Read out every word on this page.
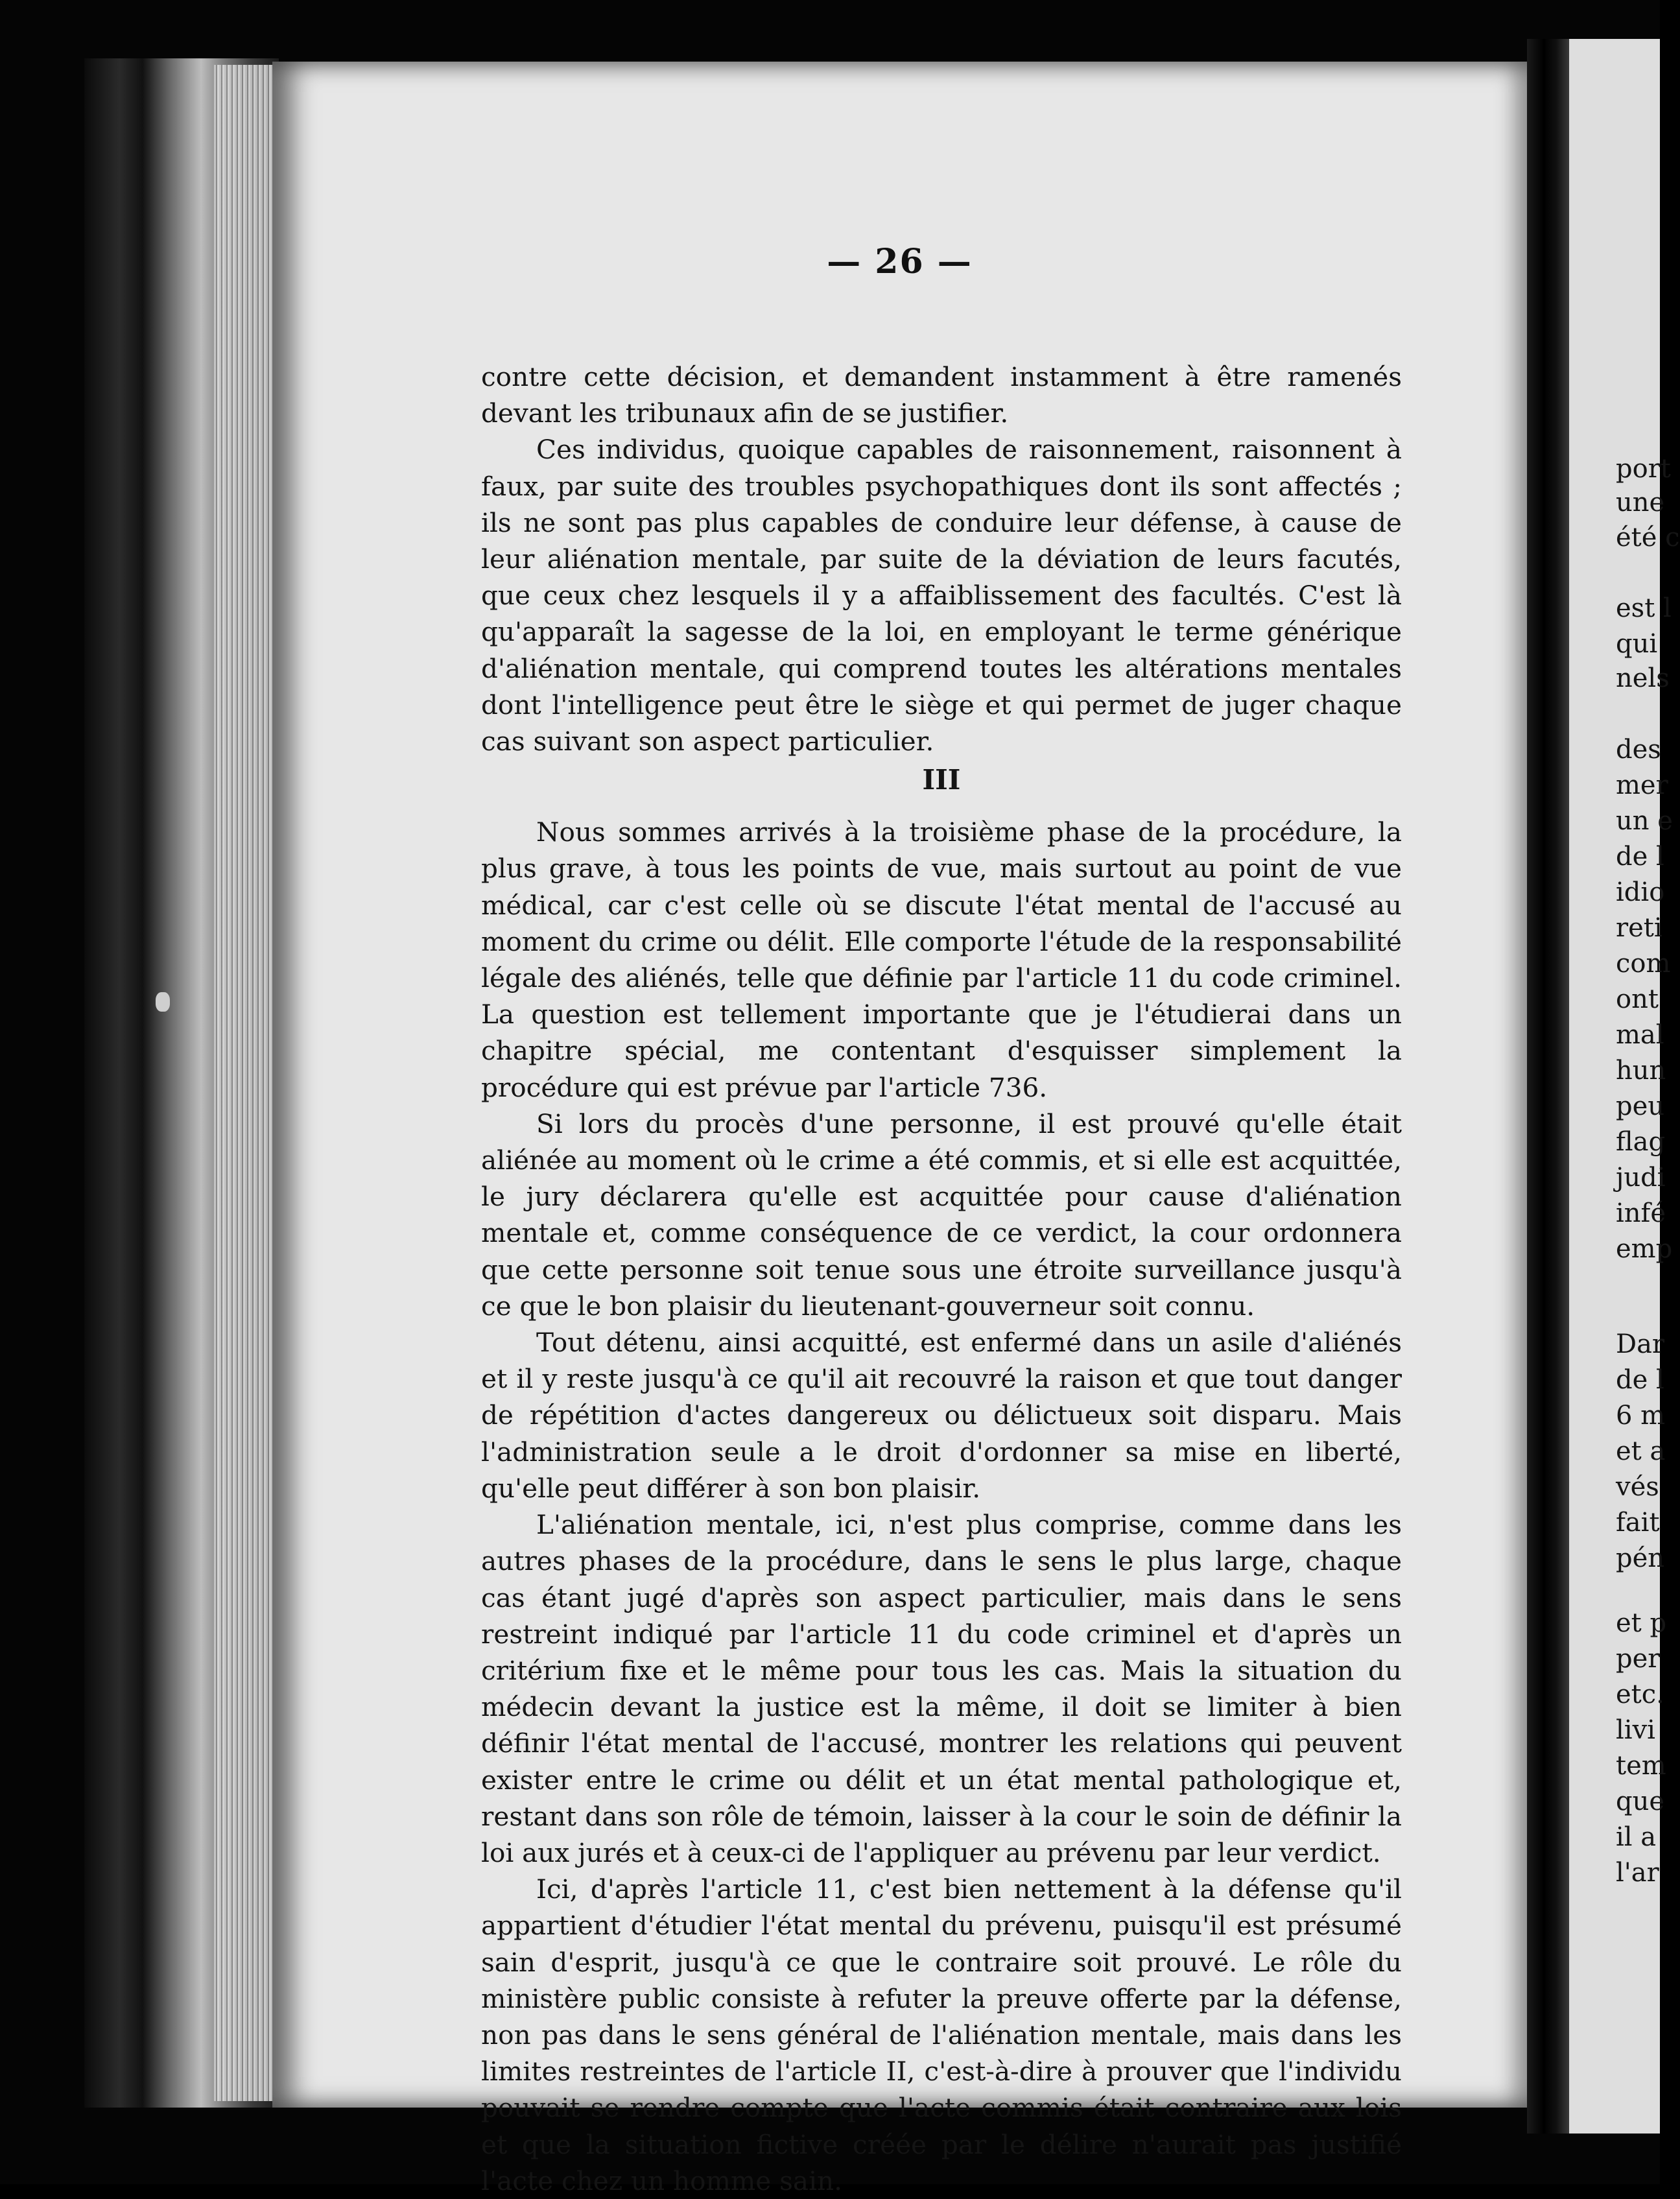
— 26 —

contre cette décision, et demandent instamment à être ramenés devant les tribunaux afin de se justifier.

Ces individus, quoique capables de raisonnement, raisonnent à faux, par suite des troubles psychopathiques dont ils sont affectés ; ils ne sont pas plus capables de conduire leur défense, à cause de leur aliénation mentale, par suite de la déviation de leurs facutés, que ceux chez lesquels il y a affaiblissement des facultés. C'est là qu'apparaît la sagesse de la loi, en employant le terme générique d'aliénation mentale, qui comprend toutes les altérations mentales dont l'intelligence peut être le siège et qui permet de juger chaque cas suivant son aspect particulier.

III

Nous sommes arrivés à la troisième phase de la procédure, la plus grave, à tous les points de vue, mais surtout au point de vue médical, car c'est celle où se discute l'état mental de l'accusé au moment du crime ou délit. Elle comporte l'étude de la responsabilité légale des aliénés, telle que définie par l'article 11 du code criminel. La question est tellement importante que je l'étudierai dans un chapitre spécial, me contentant d'esquisser simplement la procédure qui est prévue par l'article 736.

Si lors du procès d'une personne, il est prouvé qu'elle était aliénée au moment où le crime a été commis, et si elle est acquittée, le jury déclarera qu'elle est acquittée pour cause d'aliénation mentale et, comme conséquence de ce verdict, la cour ordonnera que cette personne soit tenue sous une étroite surveillance jusqu'à ce que le bon plaisir du lieutenant-gouverneur soit connu.

Tout détenu, ainsi acquitté, est enfermé dans un asile d'aliénés et il y reste jusqu'à ce qu'il ait recouvré la raison et que tout danger de répétition d'actes dangereux ou délictueux soit disparu. Mais l'administration seule a le droit d'ordonner sa mise en liberté, qu'elle peut différer à son bon plaisir.

L'aliénation mentale, ici, n'est plus comprise, comme dans les autres phases de la procédure, dans le sens le plus large, chaque cas étant jugé d'après son aspect particulier, mais dans le sens restreint indiqué par l'article 11 du code criminel et d'après un critérium fixe et le même pour tous les cas. Mais la situation du médecin devant la justice est la même, il doit se limiter à bien définir l'état mental de l'accusé, montrer les relations qui peuvent exister entre le crime ou délit et un état mental pathologique et, restant dans son rôle de témoin, laisser à la cour le soin de définir la loi aux jurés et à ceux-ci de l'appliquer au prévenu par leur verdict.

Ici, d'après l'article 11, c'est bien nettement à la défense qu'il appartient d'étudier l'état mental du prévenu, puisqu'il est présumé sain d'esprit, jusqu'à ce que le contraire soit prouvé. Le rôle du ministère public consiste à refuter la preuve offerte par la défense, non pas dans le sens général de l'aliénation mentale, mais dans les limites restreintes de l'article II, c'est-à-dire à prouver que l'individu pouvait se rendre compte que l'acte commis était contraire aux lois et que la situation fictive créée par le délire n'aurait pas justifié l'acte chez un homme sain.

port
une
été c
est l
qui
nels
des
mer
un e
de l
idio
reti
com
ont
mal
hun
peu
flag
judi
infé
emp
Dar
de l
6 m
et a
vés
fait
pén
et p
per
etc.
livi
tem
que
il a
l'ar
